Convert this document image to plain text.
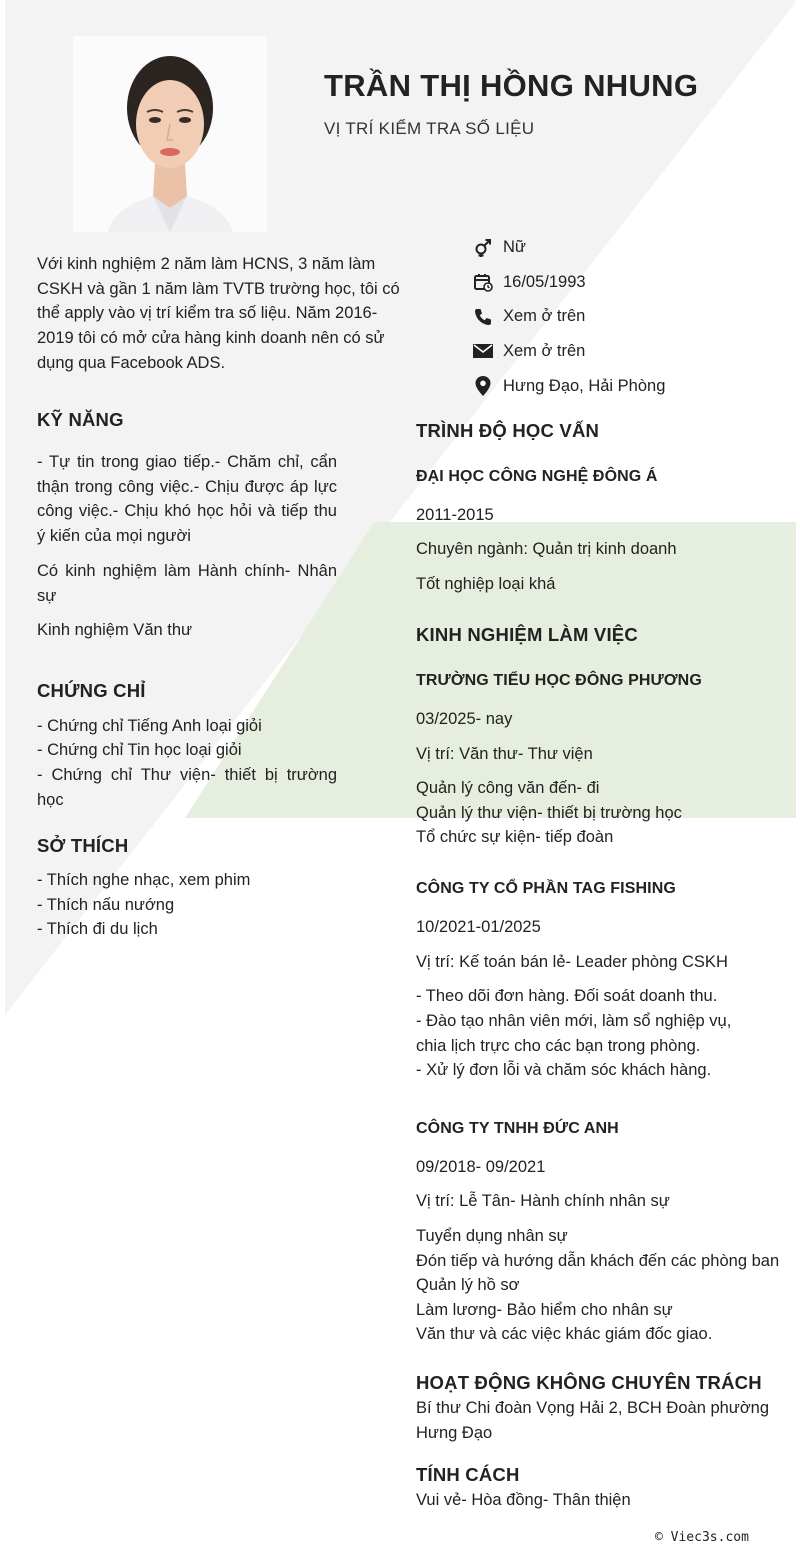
TRẦN THỊ HỒNG NHUNG
VỊ TRÍ KIỂM TRA SỐ LIỆU
Nữ
16/05/1993
Xem ở trên
Xem ở trên
Hưng Đạo, Hải Phòng
Với kinh nghiệm 2 năm làm HCNS, 3 năm làm CSKH và gần 1 năm làm TVTB trường học, tôi có thể apply vào vị trí kiểm tra số liệu. Năm 2016-2019 tôi có mở cửa hàng kinh doanh nên có sử dụng qua Facebook ADS.
KỸ NĂNG
- Tự tin trong giao tiếp.- Chăm chỉ, cẩn thận trong công việc.- Chịu được áp lực công việc.- Chịu khó học hỏi và tiếp thu ý kiến của mọi người
Có kinh nghiệm làm Hành chính- Nhân sự
Kinh nghiệm Văn thư
CHỨNG CHỈ
- Chứng chỉ Tiếng Anh loại giỏi
- Chứng chỉ Tin học loại giỏi
- Chứng chỉ Thư viện- thiết bị trường học
SỞ THÍCH
- Thích nghe nhạc, xem phim
- Thích nấu nướng
- Thích đi du lịch
TRÌNH ĐỘ HỌC VẤN
ĐẠI HỌC CÔNG NGHỆ ĐÔNG Á
2011-2015
Chuyên ngành: Quản trị kinh doanh
Tốt nghiệp loại khá
KINH NGHIỆM LÀM VIỆC
TRƯỜNG TIỂU HỌC ĐÔNG PHƯƠNG
03/2025- nay
Vị trí: Văn thư- Thư viện
Quản lý công văn đến- đi
Quản lý thư viện- thiết bị trường học
Tổ chức sự kiện- tiếp đoàn
CÔNG TY CỔ PHẦN TAG FISHING
10/2021-01/2025
Vị trí: Kế toán bán lẻ- Leader phòng CSKH
- Theo dõi đơn hàng. Đối soát doanh thu.
- Đào tạo nhân viên mới, làm sổ nghiệp vụ,
chia lịch trực cho các bạn trong phòng.
- Xử lý đơn lỗi và chăm sóc khách hàng.
CÔNG TY TNHH ĐỨC ANH
09/2018- 09/2021
Vị trí: Lễ Tân- Hành chính nhân sự
Tuyển dụng nhân sự
Đón tiếp và hướng dẫn khách đến các phòng ban
Quản lý hồ sơ
Làm lương- Bảo hiểm cho nhân sự
Văn thư và các việc khác giám đốc giao.
HOẠT ĐỘNG KHÔNG CHUYÊN TRÁCH
Bí thư Chi đoàn Vọng Hải 2, BCH Đoàn phường Hưng Đạo
TÍNH CÁCH
Vui vẻ- Hòa đồng- Thân thiện
© Viec3s.com
